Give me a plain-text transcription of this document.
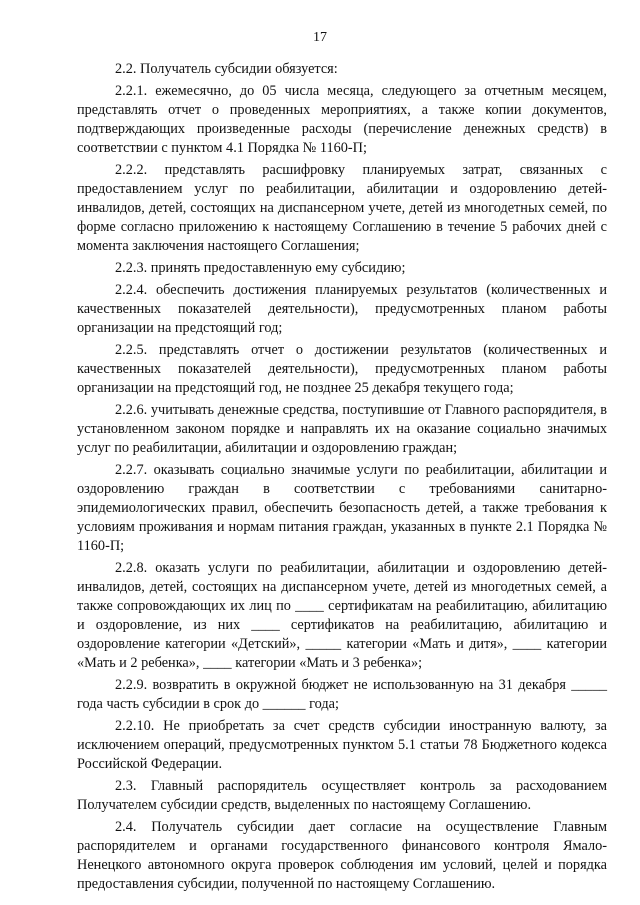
17

2.2. Получатель субсидии обязуется:

2.2.1. ежемесячно, до 05 числа месяца, следующего за отчетным месяцем, представлять отчет о проведенных мероприятиях, а также копии документов, подтверждающих произведенные расходы (перечисление денежных средств) в соответствии с пунктом 4.1 Порядка № 1160-П;

2.2.2. представлять расшифровку планируемых затрат, связанных с предоставлением услуг по реабилитации, абилитации и оздоровлению детей-инвалидов, детей, состоящих на диспансерном учете, детей из многодетных семей, по форме согласно приложению к настоящему Соглашению в течение 5 рабочих дней с момента заключения настоящего Соглашения;

2.2.3. принять предоставленную ему субсидию;

2.2.4. обеспечить достижения планируемых результатов (количественных и качественных показателей деятельности), предусмотренных планом работы организации на предстоящий год;

2.2.5. представлять отчет о достижении результатов (количественных и качественных показателей деятельности), предусмотренных планом работы организации на предстоящий год, не позднее 25 декабря текущего года;

2.2.6. учитывать денежные средства, поступившие от Главного распорядителя, в установленном законом порядке и направлять их на оказание социально значимых услуг по реабилитации, абилитации и оздоровлению граждан;

2.2.7. оказывать социально значимые услуги по реабилитации, абилитации и оздоровлению граждан в соответствии с требованиями санитарно-эпидемиологических правил, обеспечить безопасность детей, а также требования к условиям проживания и нормам питания граждан, указанных в пункте 2.1 Порядка № 1160-П;

2.2.8. оказать услуги по реабилитации, абилитации и оздоровлению детей-инвалидов, детей, состоящих на диспансерном учете, детей из многодетных семей, а также сопровождающих их лиц по ____ сертификатам на реабилитацию, абилитацию и оздоровление, из них ____ сертификатов на реабилитацию, абилитацию и оздоровление категории «Детский», _____ категории «Мать и дитя», ____ категории «Мать и 2 ребенка», ____ категории «Мать и 3 ребенка»;

2.2.9. возвратить в окружной бюджет не использованную на 31 декабря _____ года часть субсидии в срок до ______ года;

2.2.10. Не приобретать за счет средств субсидии иностранную валюту, за исключением операций, предусмотренных пунктом 5.1 статьи 78 Бюджетного кодекса Российской Федерации.

2.3. Главный распорядитель осуществляет контроль за расходованием Получателем субсидии средств, выделенных по настоящему Соглашению.

2.4. Получатель субсидии дает согласие на осуществление Главным распорядителем и органами государственного финансового контроля Ямало-Ненецкого автономного округа проверок соблюдения им условий, целей и порядка предоставления субсидии, полученной по настоящему Соглашению.
